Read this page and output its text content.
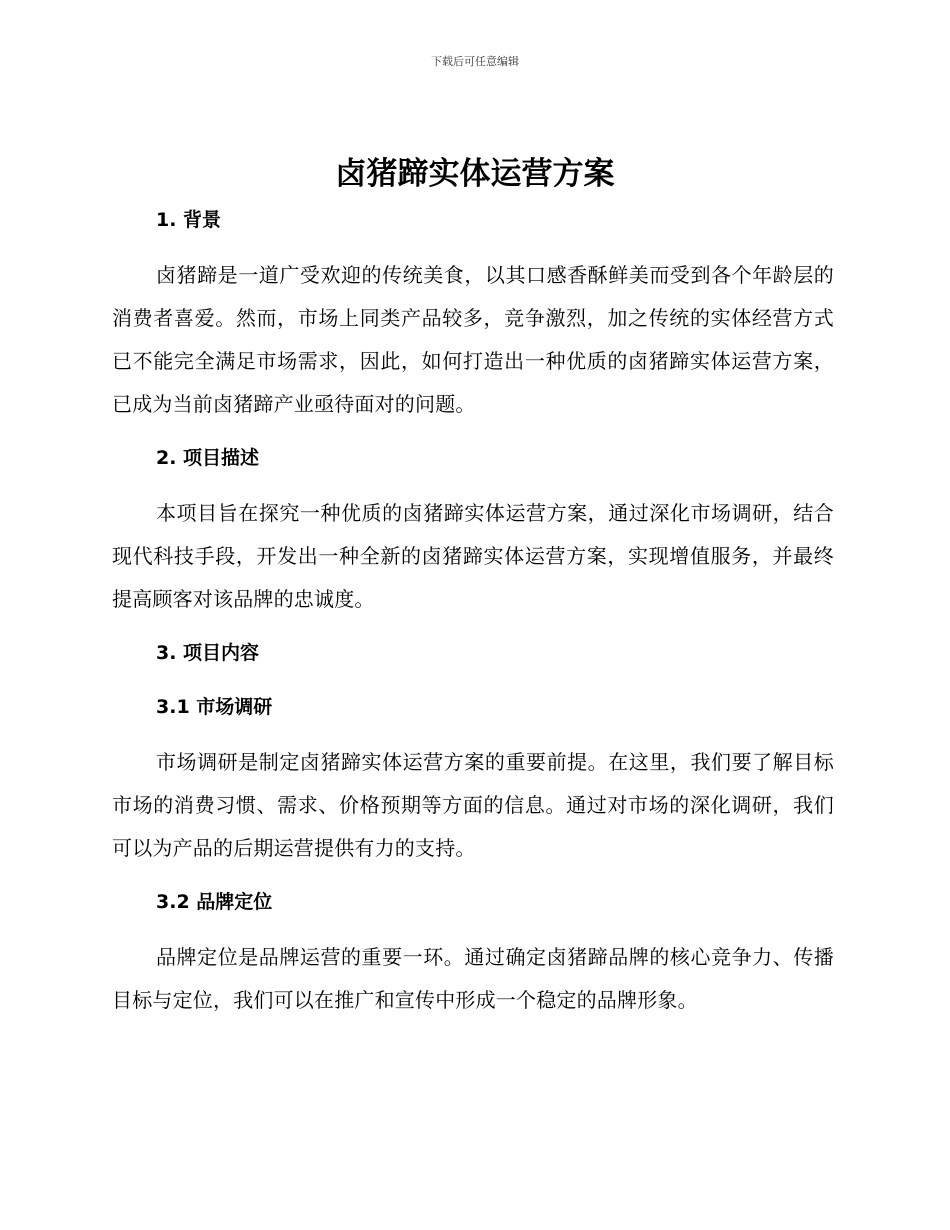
下载后可任意编辑
卤猪蹄实体运营方案
1. 背景

卤猪蹄是一道广受欢迎的传统美食，以其口感香酥鲜美而受到各个年龄层的消费者喜爱。然而，市场上同类产品较多，竞争激烈，加之传统的实体经营方式已不能完全满足市场需求，因此，如何打造出一种优质的卤猪蹄实体运营方案，已成为当前卤猪蹄产业亟待面对的问题。

2. 项目描述

本项目旨在探究一种优质的卤猪蹄实体运营方案，通过深化市场调研，结合现代科技手段，开发出一种全新的卤猪蹄实体运营方案，实现增值服务，并最终提高顾客对该品牌的忠诚度。

3. 项目内容
3.1 市场调研

市场调研是制定卤猪蹄实体运营方案的重要前提。在这里，我们要了解目标市场的消费习惯、需求、价格预期等方面的信息。通过对市场的深化调研，我们可以为产品的后期运营提供有力的支持。

3.2 品牌定位

品牌定位是品牌运营的重要一环。通过确定卤猪蹄品牌的核心竞争力、传播目标与定位，我们可以在推广和宣传中形成一个稳定的品牌形象。
